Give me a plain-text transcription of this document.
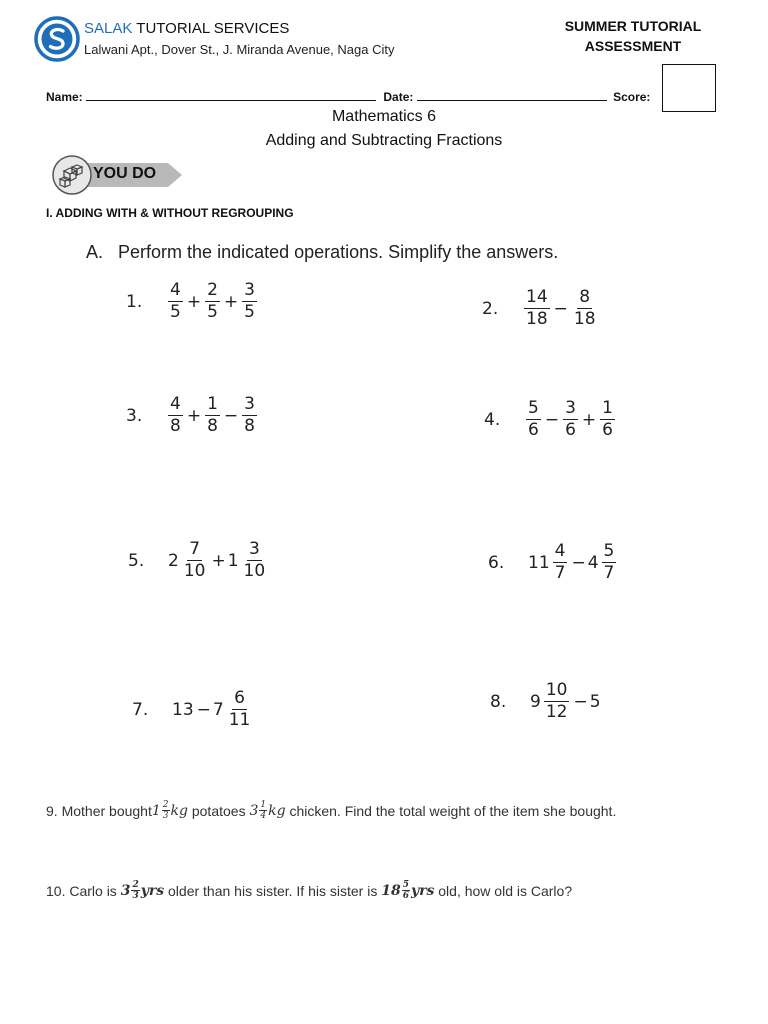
SALAK TUTORIAL SERVICES
Lalwani Apt., Dover St., J. Miranda Avenue, Naga City
SUMMER TUTORIAL
ASSESSMENT
Name:	Date:	Score:
Mathematics 6
Adding and Subtracting Fractions
YOU DO
I. ADDING WITH & WITHOUT REGROUPING
A. Perform the indicated operations. Simplify the answers.
1.	$\frac{4}{5} + \frac{2}{5} + \frac{3}{5}$	2.	$\frac{14}{18} - \frac{8}{18}$
3.	$\frac{4}{8} + \frac{1}{8} - \frac{3}{8}$	4.	$\frac{5}{6} - \frac{3}{6} + \frac{1}{6}$
5.	$2 \frac{7}{10} + 1 \frac{3}{10}$	6.	$11 \frac{4}{7} - 4 \frac{5}{7}$
7.	$13 - 7 \frac{6}{11}$	8.	$9 \frac{10}{12} - 5$
9. Mother bought $1 \frac{2}{3}$ kg potatoes $3 \frac{1}{4}$ kg chicken. Find the total weight of the item she bought.
10. Carlo is $3 \frac{2}{3}$ yrs older than his sister. If his sister is $18 \frac{5}{6}$ yrs old, how old is Carlo?
